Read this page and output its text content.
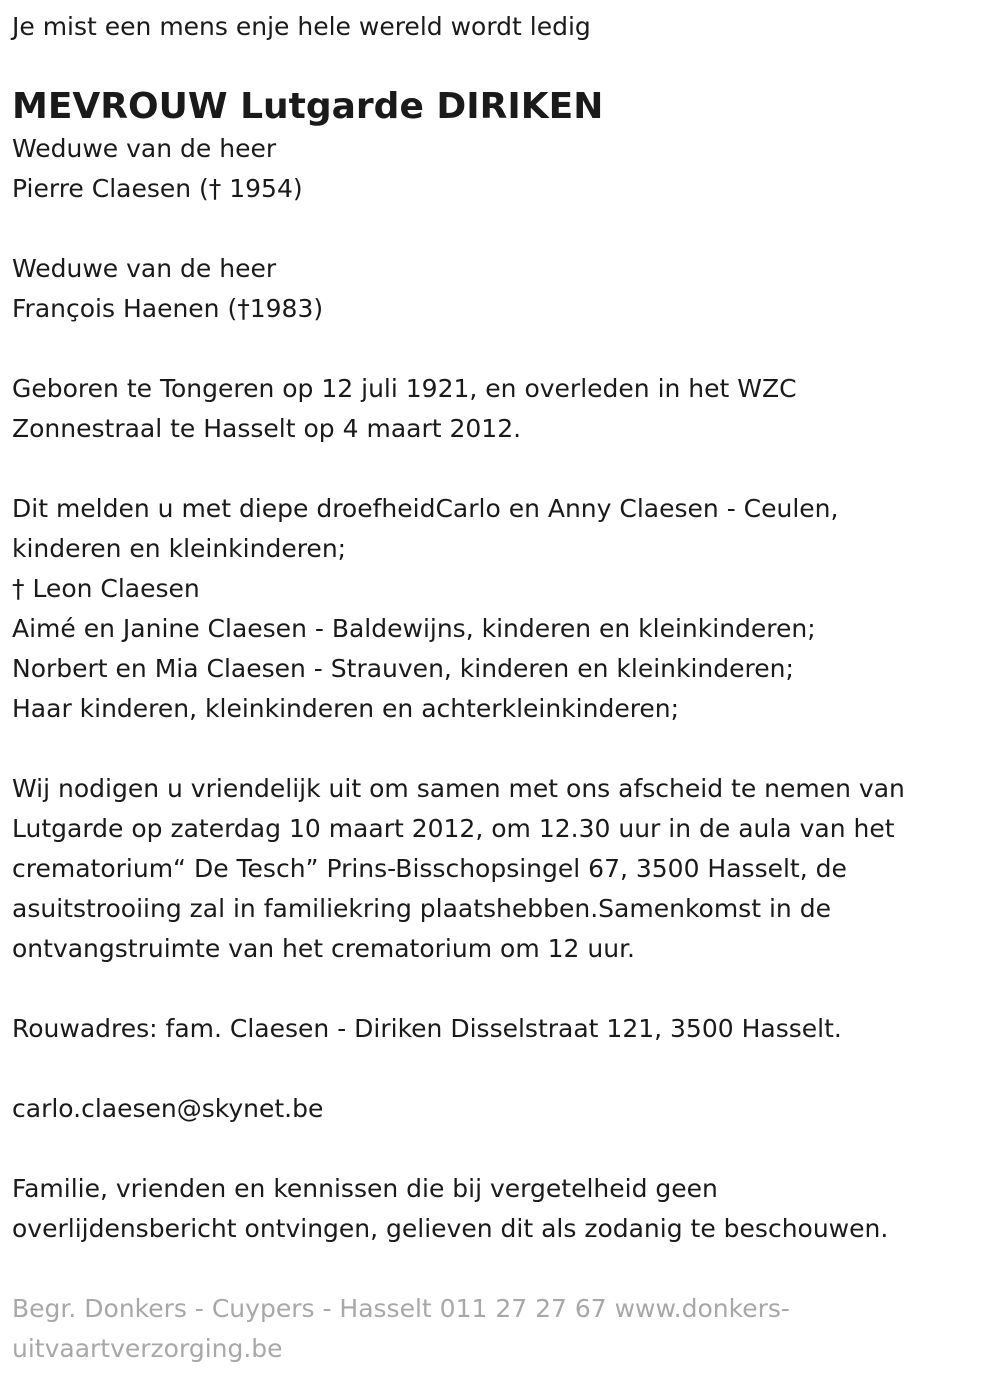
Je mist een mens enje hele wereld wordt ledig

MEVROUW Lutgarde DIRIKEN

Weduwe van de heer

Pierre Claesen († 1954)

Weduwe van de heer

François Haenen (†1983)

Geboren te Tongeren op 12 juli 1921, en overleden in het WZC

Zonnestraal te Hasselt op 4 maart 2012.

Dit melden u met diepe droefheidCarlo en Anny Claesen - Ceulen,

kinderen en kleinkinderen;

† Leon Claesen

Aimé en Janine Claesen - Baldewijns, kinderen en kleinkinderen;

Norbert en Mia Claesen - Strauven, kinderen en kleinkinderen;

Haar kinderen, kleinkinderen en achterkleinkinderen;

Wij nodigen u vriendelijk uit om samen met ons afscheid te nemen van

Lutgarde op zaterdag 10 maart 2012, om 12.30 uur in de aula van het

crematorium“ De Tesch” Prins-Bisschopsingel 67, 3500 Hasselt, de

asuitstrooiing zal in familiekring plaatshebben.Samenkomst in de

ontvangstruimte van het crematorium om 12 uur.

Rouwadres: fam. Claesen - Diriken Disselstraat 121, 3500 Hasselt.

carlo.claesen@skynet.be

Familie, vrienden en kennissen die bij vergetelheid geen

overlijdensbericht ontvingen, gelieven dit als zodanig te beschouwen.

Begr. Donkers - Cuypers - Hasselt 011 27 27 67 www.donkers-

uitvaartverzorging.be
